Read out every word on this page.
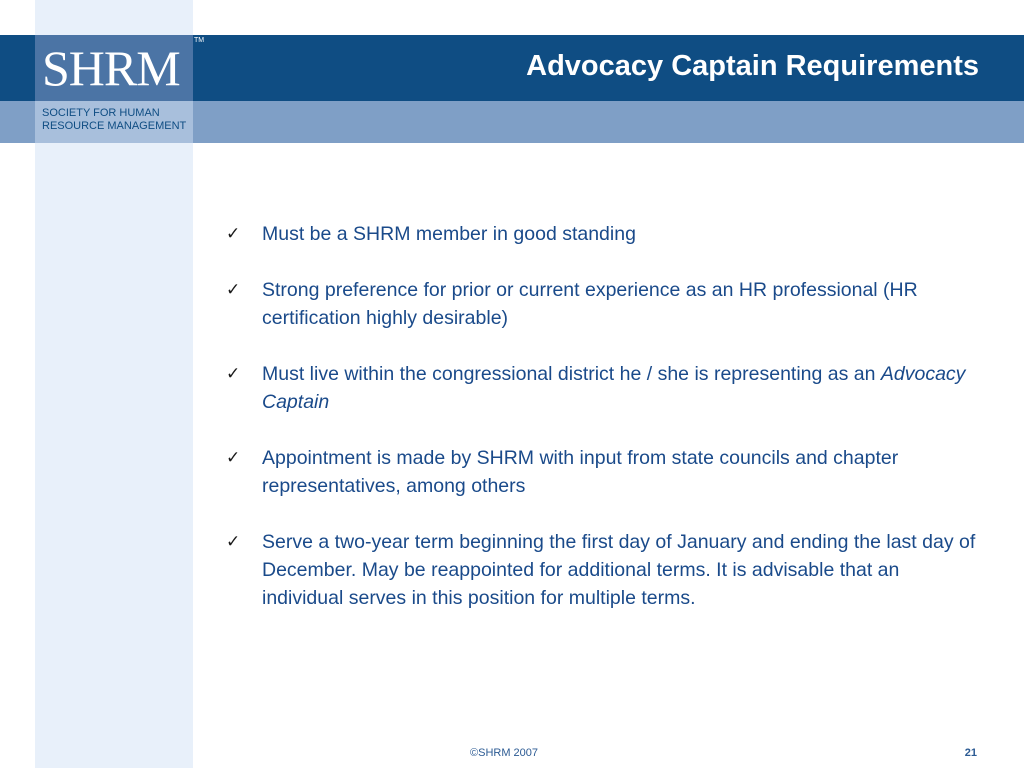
SHRM TM
SOCIETY FOR HUMAN
RESOURCE MANAGEMENT
Advocacy Captain Requirements
✓ Must be a SHRM member in good standing
✓ Strong preference for prior or current experience as an HR professional (HR certification highly desirable)
✓ Must live within the congressional district he / she is representing as an Advocacy Captain
✓ Appointment is made by SHRM with input from state councils and chapter representatives, among others
✓ Serve a two-year term beginning the first day of January and ending the last day of December. May be reappointed for additional terms. It is advisable that an individual serves in this position for multiple terms.
©SHRM 2007	21
